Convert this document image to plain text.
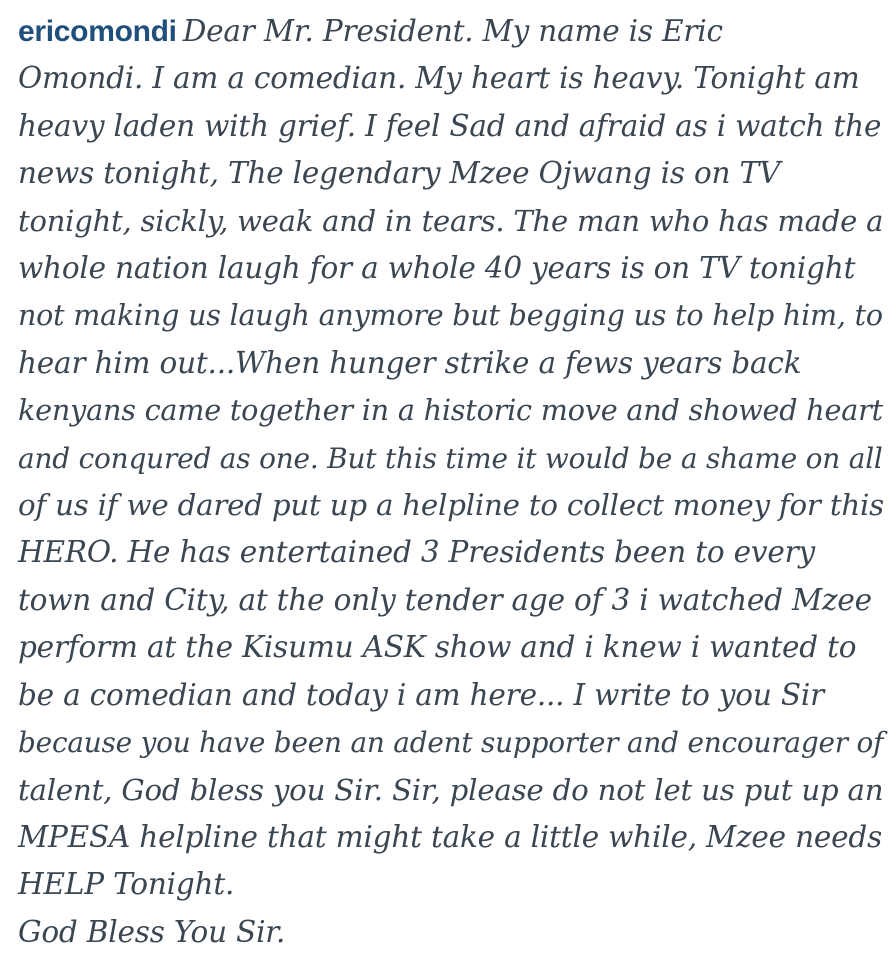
ericomondi Dear Mr. President. My name is Eric
Omondi. I am a comedian. My heart is heavy. Tonight am
heavy laden with grief. I feel Sad and afraid as i watch the
news tonight, The legendary Mzee Ojwang is on TV
tonight, sickly, weak and in tears. The man who has made a
whole nation laugh for a whole 40 years is on TV tonight
not making us laugh anymore but begging us to help him, to
hear him out...When hunger strike a fews years back
kenyans came together in a historic move and showed heart
and conqured as one. But this time it would be a shame on all
of us if we dared put up a helpline to collect money for this
HERO. He has entertained 3 Presidents been to every
town and City, at the only tender age of 3 i watched Mzee
perform at the Kisumu ASK show and i knew i wanted to
be a comedian and today i am here... I write to you Sir
because you have been an adent supporter and encourager of
talent, God bless you Sir. Sir, please do not let us put up an
MPESA helpline that might take a little while, Mzee needs
HELP Tonight.
God Bless You Sir.
